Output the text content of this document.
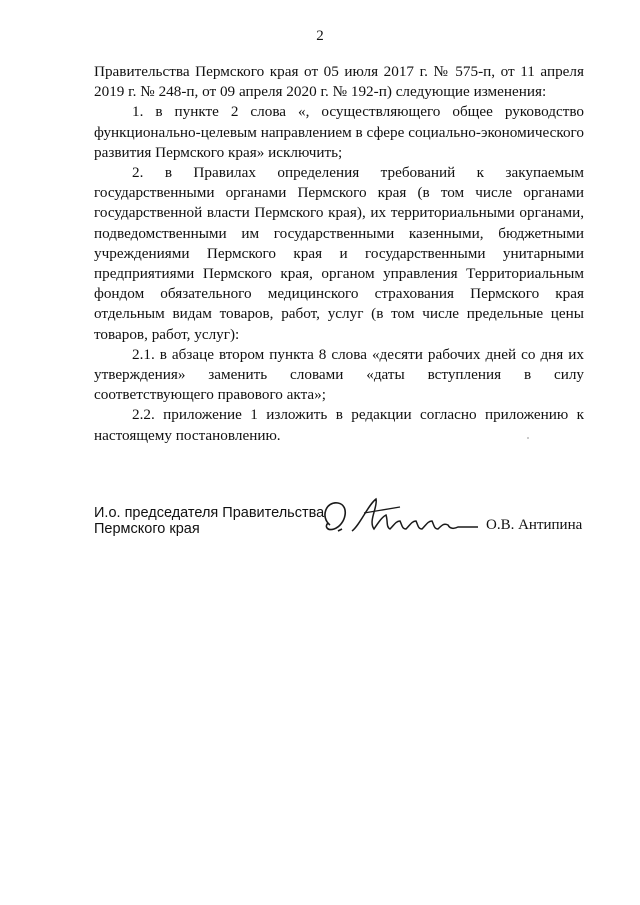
2

Правительства Пермского края от 05 июля 2017 г. № 575-п, от 11 апреля 2019 г. № 248-п, от 09 апреля 2020 г. № 192-п) следующие изменения:

1. в пункте 2 слова «, осуществляющего общее руководство функционально-целевым направлением в сфере социально-экономического развития Пермского края» исключить;

2. в Правилах определения требований к закупаемым государственными органами Пермского края (в том числе органами государственной власти Пермского края), их территориальными органами, подведомственными им государственными казенными, бюджетными учреждениями Пермского края и государственными унитарными предприятиями Пермского края, органом управления Территориальным фондом обязательного медицинского страхования Пермского края отдельным видам товаров, работ, услуг (в том числе предельные цены товаров, работ, услуг):

2.1. в абзаце втором пункта 8 слова «десяти рабочих дней со дня их утверждения» заменить словами «даты вступления в силу соответствующего правового акта»;

2.2. приложение 1 изложить в редакции согласно приложению к настоящему постановлению.

И.о. председателя Правительства
Пермского края	О.В. Антипина
